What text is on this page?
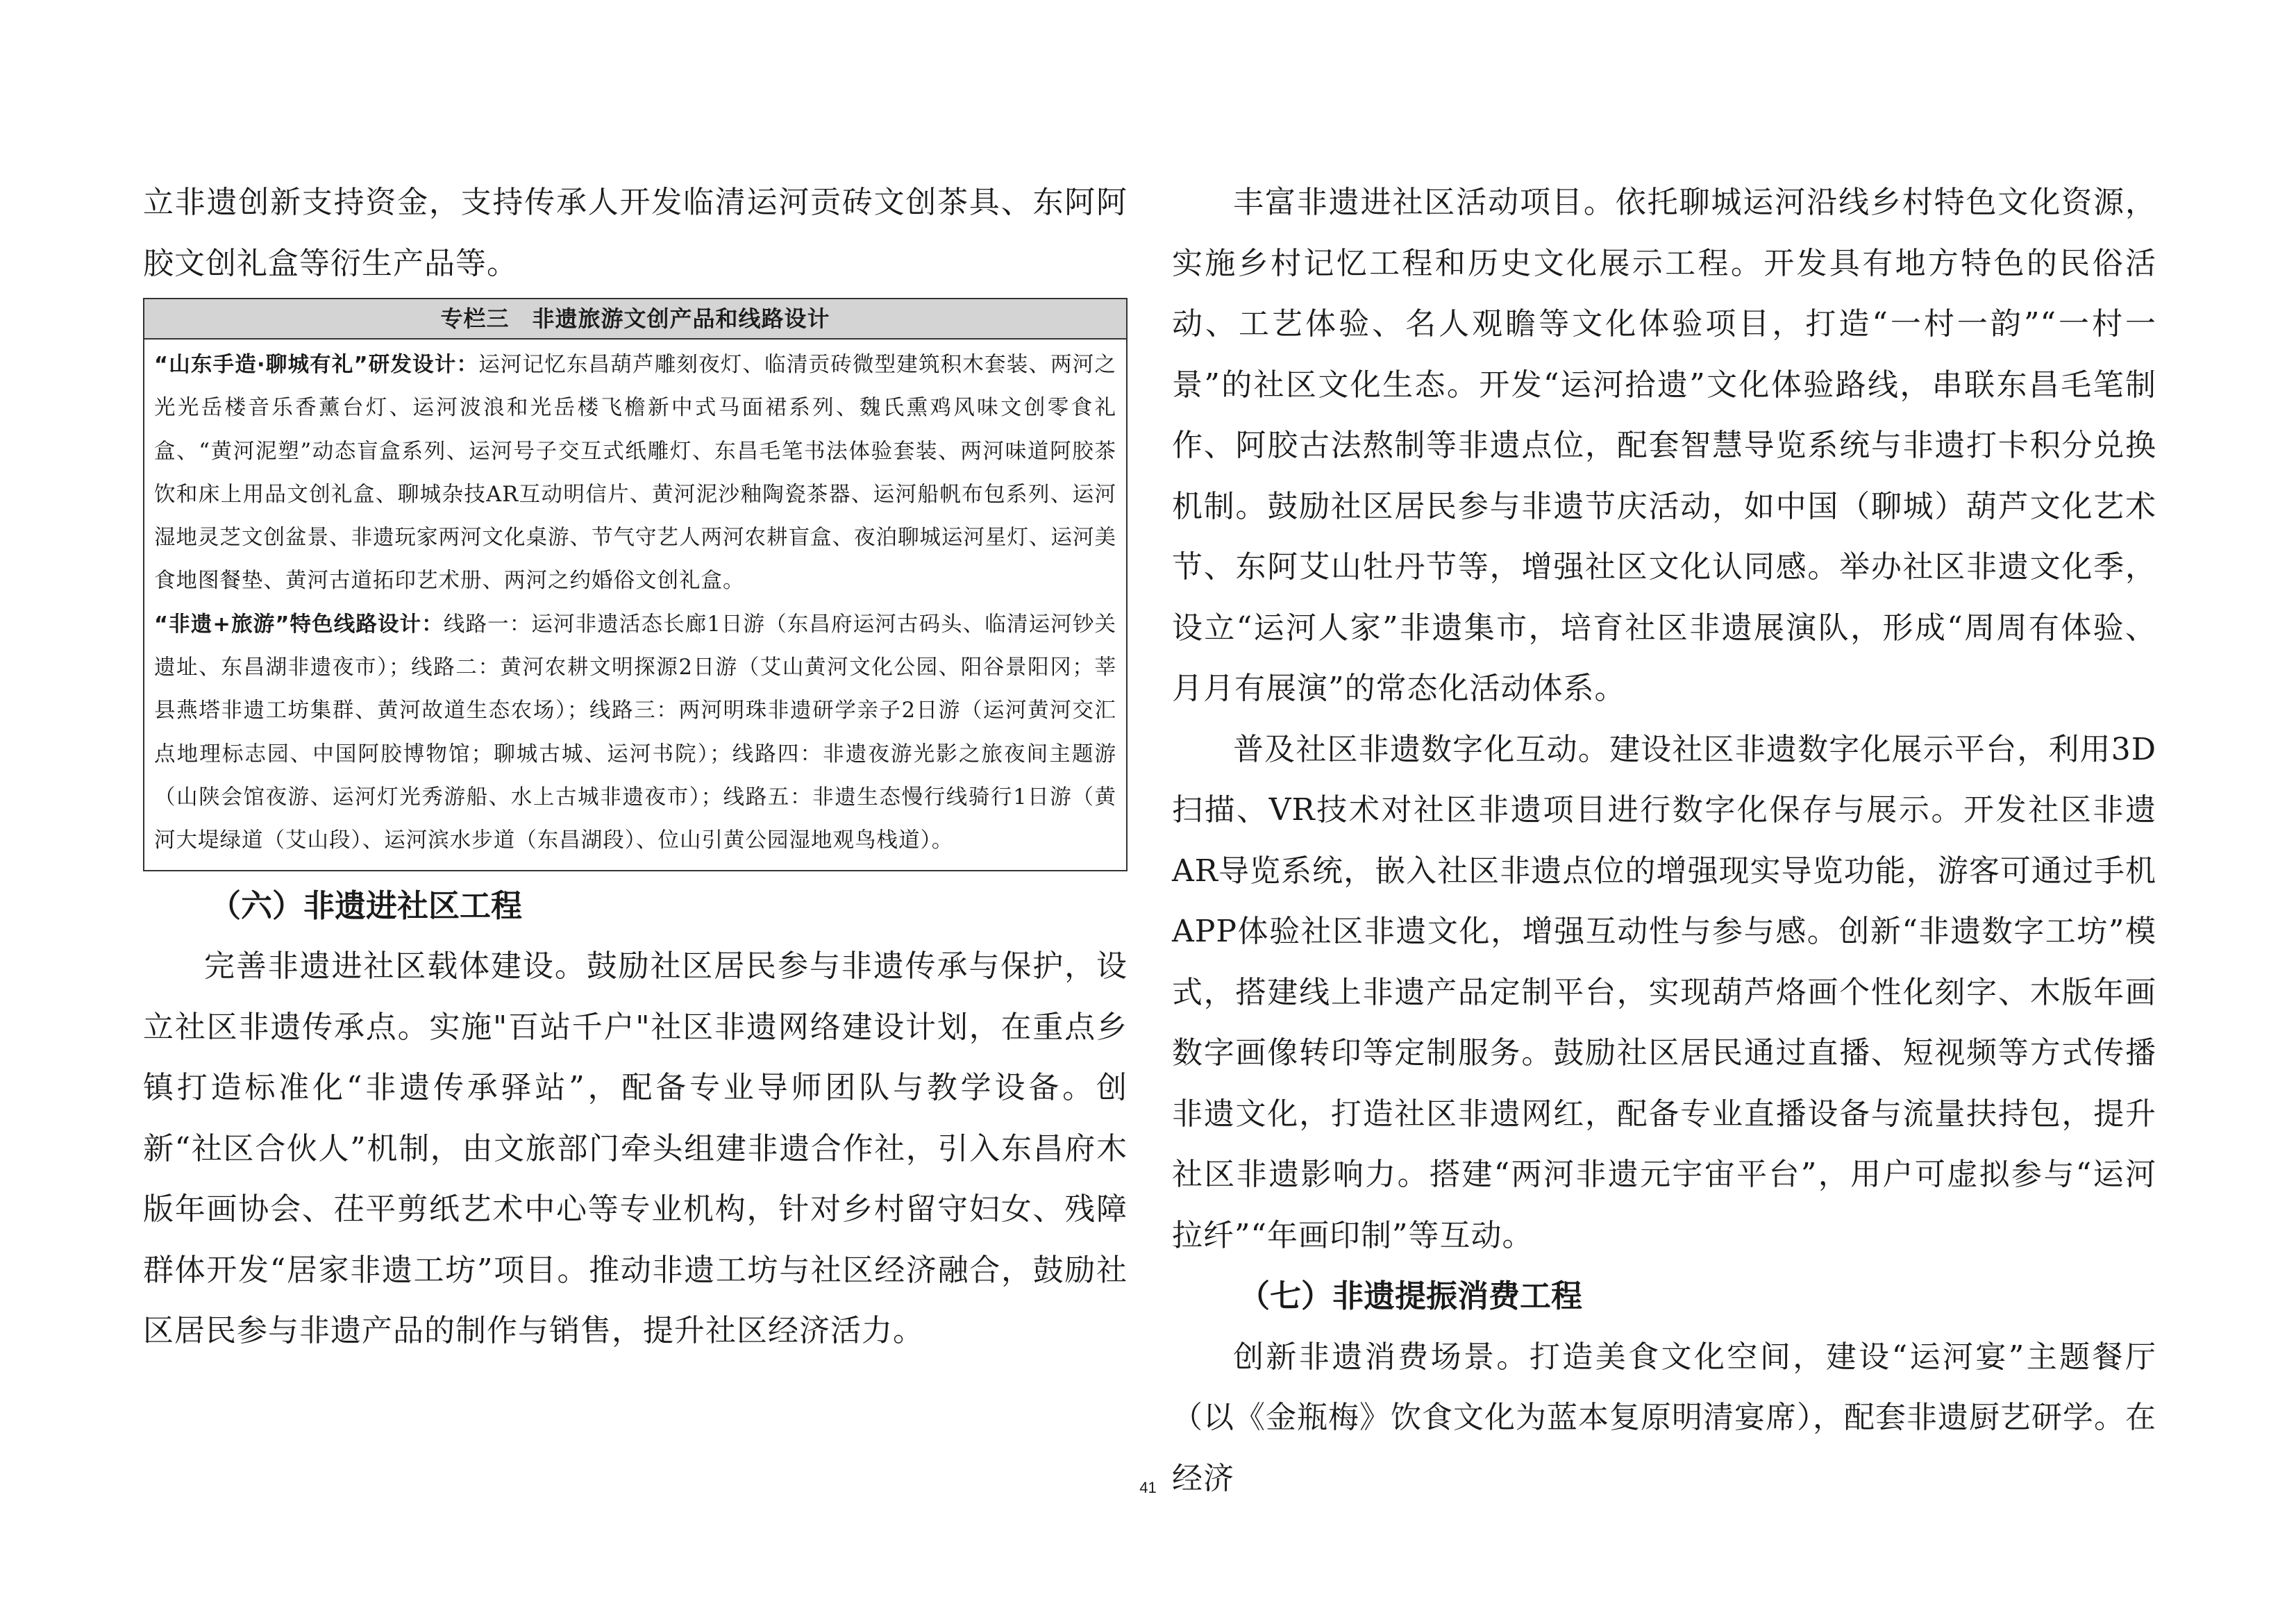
立非遗创新支持资金，支持传承人开发临清运河贡砖文创茶具、东阿阿胶文创礼盒等衍生产品等。

专栏三　非遗旅游文创产品和线路设计

“山东手造·聊城有礼”研发设计：运河记忆东昌葫芦雕刻夜灯、临清贡砖微型建筑积木套装、两河之光光岳楼音乐香薰台灯、运河波浪和光岳楼飞檐新中式马面裙系列、魏氏熏鸡风味文创零食礼盒、“黄河泥塑”动态盲盒系列、运河号子交互式纸雕灯、东昌毛笔书法体验套装、两河味道阿胶茶饮和床上用品文创礼盒、聊城杂技AR互动明信片、黄河泥沙釉陶瓷茶器、运河船帆布包系列、运河湿地灵芝文创盆景、非遗玩家两河文化桌游、节气守艺人两河农耕盲盒、夜泊聊城运河星灯、运河美食地图餐垫、黄河古道拓印艺术册、两河之约婚俗文创礼盒。

“非遗+旅游”特色线路设计：线路一：运河非遗活态长廊1日游（东昌府运河古码头、临清运河钞关遗址、东昌湖非遗夜市）；线路二：黄河农耕文明探源2日游（艾山黄河文化公园、阳谷景阳冈；莘县燕塔非遗工坊集群、黄河故道生态农场）；线路三：两河明珠非遗研学亲子2日游（运河黄河交汇点地理标志园、中国阿胶博物馆；聊城古城、运河书院）；线路四：非遗夜游光影之旅夜间主题游（山陕会馆夜游、运河灯光秀游船、水上古城非遗夜市）；线路五：非遗生态慢行线骑行1日游（黄河大堤绿道（艾山段）、运河滨水步道（东昌湖段）、位山引黄公园湿地观鸟栈道）。

（六）非遗进社区工程

完善非遗进社区载体建设。鼓励社区居民参与非遗传承与保护，设立社区非遗传承点。实施"百站千户"社区非遗网络建设计划，在重点乡镇打造标准化“非遗传承驿站”，配备专业导师团队与教学设备。创新“社区合伙人”机制，由文旅部门牵头组建非遗合作社，引入东昌府木版年画协会、茌平剪纸艺术中心等专业机构，针对乡村留守妇女、残障群体开发“居家非遗工坊”项目。推动非遗工坊与社区经济融合，鼓励社区居民参与非遗产品的制作与销售，提升社区经济活力。

丰富非遗进社区活动项目。依托聊城运河沿线乡村特色文化资源，实施乡村记忆工程和历史文化展示工程。开发具有地方特色的民俗活动、工艺体验、名人观瞻等文化体验项目，打造“一村一韵”“一村一景”的社区文化生态。开发“运河拾遗”文化体验路线，串联东昌毛笔制作、阿胶古法熬制等非遗点位，配套智慧导览系统与非遗打卡积分兑换机制。鼓励社区居民参与非遗节庆活动，如中国（聊城）葫芦文化艺术节、东阿艾山牡丹节等，增强社区文化认同感。举办社区非遗文化季，设立“运河人家”非遗集市，培育社区非遗展演队，形成“周周有体验、月月有展演”的常态化活动体系。

普及社区非遗数字化互动。建设社区非遗数字化展示平台，利用3D扫描、VR技术对社区非遗项目进行数字化保存与展示。开发社区非遗AR导览系统，嵌入社区非遗点位的增强现实导览功能，游客可通过手机APP体验社区非遗文化，增强互动性与参与感。创新“非遗数字工坊”模式，搭建线上非遗产品定制平台，实现葫芦烙画个性化刻字、木版年画数字画像转印等定制服务。鼓励社区居民通过直播、短视频等方式传播非遗文化，打造社区非遗网红，配备专业直播设备与流量扶持包，提升社区非遗影响力。搭建“两河非遗元宇宙平台”，用户可虚拟参与“运河拉纤”“年画印制”等互动。

（七）非遗提振消费工程

创新非遗消费场景。打造美食文化空间，建设“运河宴”主题餐厅（以《金瓶梅》饮食文化为蓝本复原明清宴席），配套非遗厨艺研学。在经济

41
